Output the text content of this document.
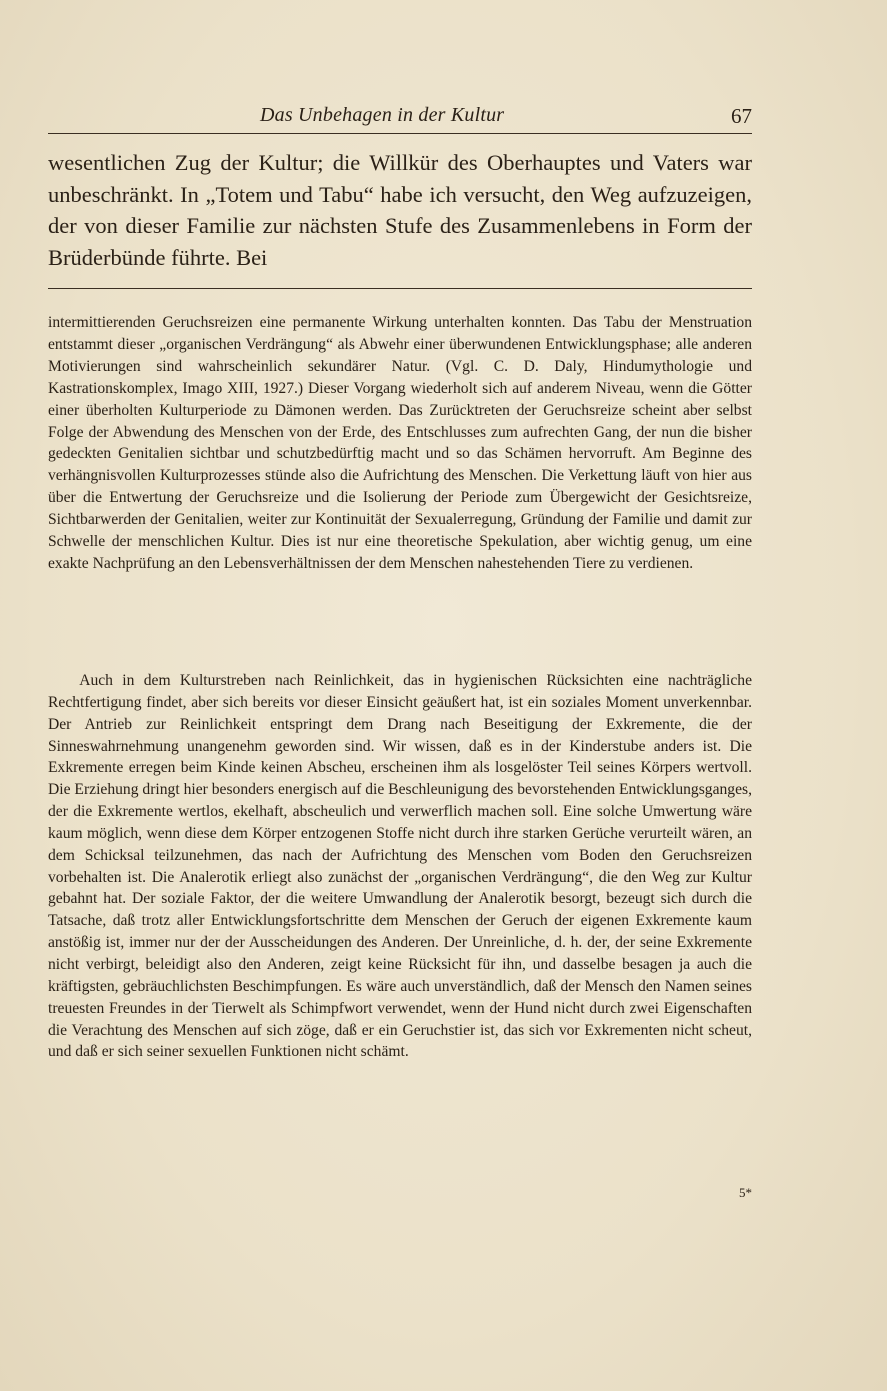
Das Unbehagen in der Kultur	67

wesentlichen Zug der Kultur; die Willkür des Oberhauptes und Vaters war unbeschränkt. In „Totem und Tabu“ habe ich versucht, den Weg aufzuzeigen, der von dieser Familie zur nächsten Stufe des Zusammenlebens in Form der Brüderbünde führte. Bei

intermittierenden Geruchsreizen eine permanente Wirkung unterhalten konnten. Das Tabu der Menstruation entstammt dieser „organischen Verdrängung“ als Abwehr einer überwundenen Entwicklungsphase; alle anderen Motivierungen sind wahrscheinlich sekundärer Natur. (Vgl. C. D. Daly, Hindumythologie und Kastrationskomplex, Imago XIII, 1927.) Dieser Vorgang wiederholt sich auf anderem Niveau, wenn die Götter einer überholten Kulturperiode zu Dämonen werden. Das Zurücktreten der Geruchsreize scheint aber selbst Folge der Abwendung des Menschen von der Erde, des Entschlusses zum aufrechten Gang, der nun die bisher gedeckten Genitalien sichtbar und schutzbedürftig macht und so das Schämen hervorruft. Am Beginne des verhängnisvollen Kulturprozesses stünde also die Aufrichtung des Menschen. Die Verkettung läuft von hier aus über die Entwertung der Geruchsreize und die Isolierung der Periode zum Übergewicht der Gesichtsreize, Sichtbarwerden der Genitalien, weiter zur Kontinuität der Sexualerregung, Gründung der Familie und damit zur Schwelle der menschlichen Kultur. Dies ist nur eine theoretische Spekulation, aber wichtig genug, um eine exakte Nachprüfung an den Lebensverhältnissen der dem Menschen nahestehenden Tiere zu verdienen.

Auch in dem Kulturstreben nach Reinlichkeit, das in hygienischen Rücksichten eine nachträgliche Rechtfertigung findet, aber sich bereits vor dieser Einsicht geäußert hat, ist ein soziales Moment unverkennbar. Der Antrieb zur Reinlichkeit entspringt dem Drang nach Beseitigung der Exkremente, die der Sinneswahrnehmung unangenehm geworden sind. Wir wissen, daß es in der Kinderstube anders ist. Die Exkremente erregen beim Kinde keinen Abscheu, erscheinen ihm als losgelöster Teil seines Körpers wertvoll. Die Erziehung dringt hier besonders energisch auf die Beschleunigung des bevorstehenden Entwicklungsganges, der die Exkremente wertlos, ekelhaft, abscheulich und verwerflich machen soll. Eine solche Umwertung wäre kaum möglich, wenn diese dem Körper entzogenen Stoffe nicht durch ihre starken Gerüche verurteilt wären, an dem Schicksal teilzunehmen, das nach der Aufrichtung des Menschen vom Boden den Geruchsreizen vorbehalten ist. Die Analerotik erliegt also zunächst der „organischen Verdrängung“, die den Weg zur Kultur gebahnt hat. Der soziale Faktor, der die weitere Umwandlung der Analerotik besorgt, bezeugt sich durch die Tatsache, daß trotz aller Entwicklungsfortschritte dem Menschen der Geruch der eigenen Exkremente kaum anstößig ist, immer nur der der Ausscheidungen des Anderen. Der Unreinliche, d. h. der, der seine Exkremente nicht verbirgt, beleidigt also den Anderen, zeigt keine Rücksicht für ihn, und dasselbe besagen ja auch die kräftigsten, gebräuchlichsten Beschimpfungen. Es wäre auch unverständlich, daß der Mensch den Namen seines treuesten Freundes in der Tierwelt als Schimpfwort verwendet, wenn der Hund nicht durch zwei Eigenschaften die Verachtung des Menschen auf sich zöge, daß er ein Geruchstier ist, das sich vor Exkrementen nicht scheut, und daß er sich seiner sexuellen Funktionen nicht schämt.

5*
